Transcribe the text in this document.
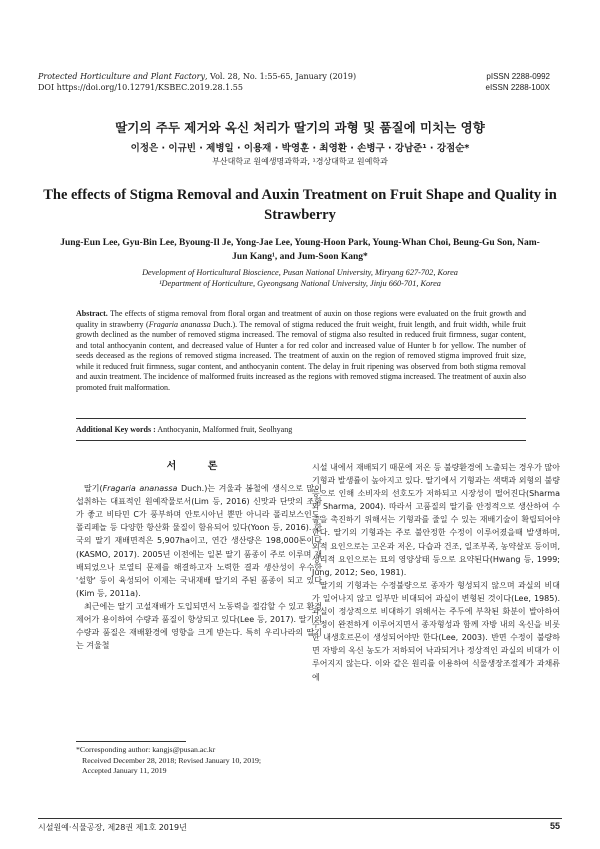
Protected Horticulture and Plant Factory, Vol. 28, No. 1:55-65, January (2019)
DOI https://doi.org/10.12791/KSBEC.2019.28.1.55
pISSN 2288-0992
eISSN 2288-100X
딸기의 주두 제거와 옥신 처리가 딸기의 과형 및 품질에 미치는 영향
이정은 · 이규빈 · 제병일 · 이용재 · 박영훈 · 최영환 · 손병구 · 강남준¹ · 강점순*
부산대학교 원예생명과학과, ¹경상대학교 원예학과
The effects of Stigma Removal and Auxin Treatment on Fruit Shape and Quality in Strawberry
Jung-Eun Lee, Gyu-Bin Lee, Byoung-Il Je, Yong-Jae Lee, Young-Hoon Park, Young-Whan Choi, Beung-Gu Son, Nam-Jun Kang¹, and Jum-Soon Kang*
Development of Horticultural Bioscience, Pusan National University, Miryang 627-702, Korea
¹Department of Horticulture, Gyeongsang National University, Jinju 660-701, Korea
Abstract. The effects of stigma removal from floral organ and treatment of auxin on those regions were evaluated on the fruit growth and quality in strawberry (Fragaria ananassa Duch.). The removal of stigma reduced the fruit weight, fruit length, and fruit width, while fruit growth declined as the number of removed stigma increased. The removal of stigma also resulted in reduced fruit firmness, sugar content, and total anthocyanin content, and decreased value of Hunter a for red color and increased value of Hunter b for yellow. The number of seeds deceased as the regions of removed stigma increased. The treatment of auxin on the region of removed stigma improved fruit size, while it reduced fruit firmness, sugar content, and anthocyanin content. The delay in fruit ripening was observed from both stigma removal and auxin treatment. The incidence of malformed fruits increased as the regions with removed stigma increased. The treatment of auxin also promoted fruit malformation.
Additional Key words : Anthocyanin, Malformed fruit, Seolhyang
서 론

딸기(Fragaria ananassa Duch.)는 겨울과 봄철에 생식으로 많이 섭취하는 대표적인 원예작물로서(Lim 등, 2016) 신맛과 단맛의 조화가 좋고 비타민 C가 풍부하며 안토시아닌 뿐만 아니라 폴리보스인드, 폴리페놀 등 다양한 항산화 물질이 함유되어 있다(Yoon 등, 2016). 한국의 딸기 재배면적은 5,907ha이고, 연간 생산량은 198,000톤이다(KASMO, 2017). 2005년 이전에는 일본 딸기 품종이 주로 이루며 재배되었으나 로열티 문제를 해결하고자 노력한 결과 생산성이 우수한 '설향' 등이 육성되어 이제는 국내재배 딸기의 주된 품종이 되고 있다(Kim 등, 2011a).

최근에는 딸기 고설재배가 도입되면서 노동력을 절감할 수 있고 환경제어가 용이하여 수량과 품질이 향상되고 있다(Lee 등, 2017). 딸기의 수량과 품질은 재배환경에 영향을 크게 받는다. 특히 우리나라의 딸기는 겨울철

시설 내에서 재배되기 때문에 저온 등 불량환경에 노출되는 경우가 많아 기형과 발생률이 높아지고 있다. 딸기에서 기형과는 색택과 외형의 불량 등으로 인해 소비자의 선호도가 저하되고 시장성이 떨어진다(Sharma와 Sharma, 2004). 따라서 고품질의 딸기를 안정적으로 생산하여 수출을 촉진하기 위해서는 기형과를 줄일 수 있는 재배기술이 확립되어야 한다. 딸기의 기형과는 주로 불안정한 수정이 이루어졌을때 발생하며, 외적 요인으로는 고온과 저온, 다습과 건조, 일조부족, 농약살포 등이며, 생리적 요인으로는 묘의 영양상태 등으로 요약된다(Hwang 등, 1999; Jung, 2012; Seo, 1981).

딸기의 기형과는 수정불량으로 종자가 형성되지 않으며 과실의 비대가 일어나지 않고 일부만 비대되어 과실이 변형된 것이다(Lee, 1985). 과실이 정상적으로 비대하기 위해서는 주두에 부착된 화분이 발아하여 수정이 완전하게 이루어지면서 종자형성과 함께 자방 내의 옥신을 비롯한 내생호르몬이 생성되어야만 한다(Lee, 2003). 반면 수정이 불량하면 자방의 옥신 농도가 저하되어 낙과되거나 정상적인 과실의 비대가 이루어지지 않는다. 이와 같은 원리를 이용하여 식물생장조절제가 과채류에

*Corresponding author: kangjs@pusan.ac.kr
Received December 28, 2018; Revised January 10, 2019;
Accepted January 11, 2019
시설원예·식물공장, 제28권 제1호 2019년	55
